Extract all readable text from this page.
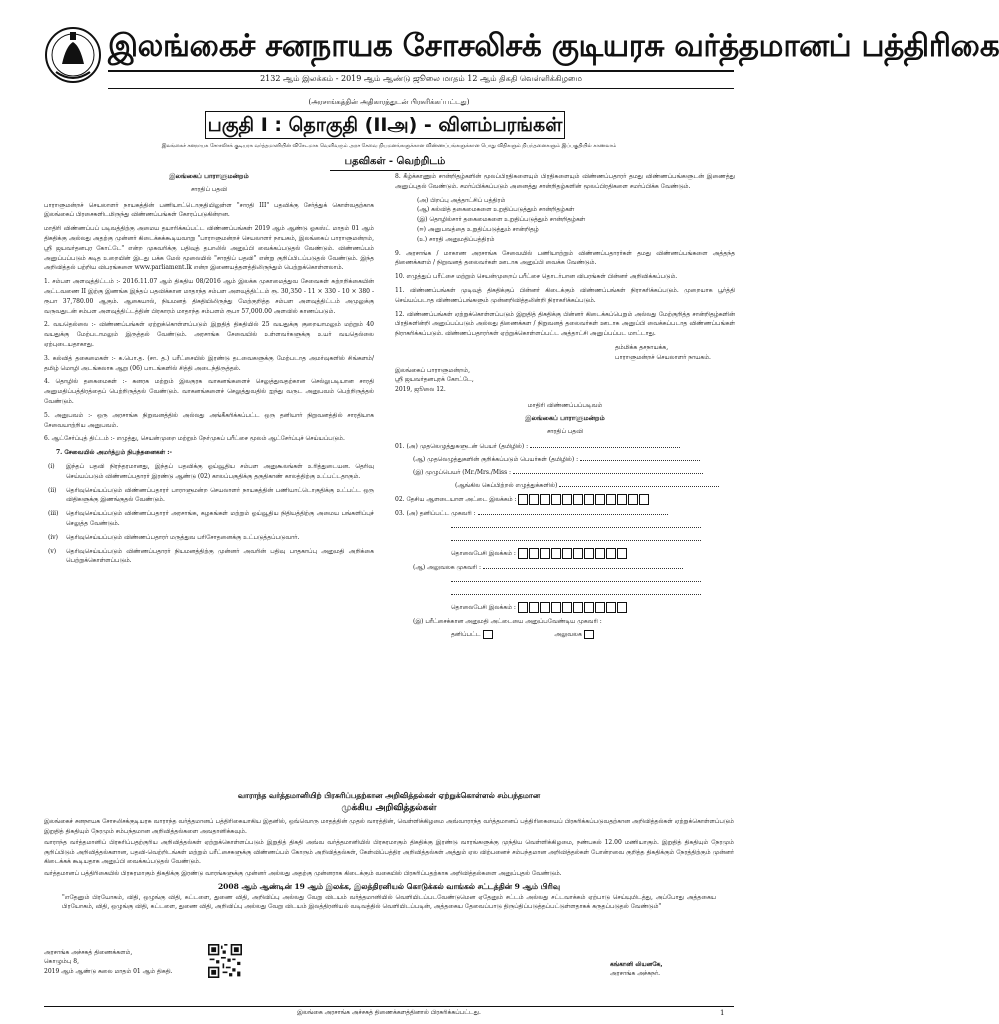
இலங்கைச் சனநாயக சோசலிசக் குடியரசு வர்த்தமானப் பத்திரிகை
2132 ஆம் இலக்கம் - 2019 ஆம் ஆண்டு ஜூலை மாதம் 12 ஆம் திகதி வெள்ளிக்கிழமை
(அரசாங்கத்தின் அதிகாரத்துடன் பிரசுரிக்கப்பட்டது)
பகுதி I : தொகுதி (IIஅ) - விளம்பரங்கள்
இலங்கைச் சனநாயக சோசலிசக் குடியரசு வர்த்தமானியின் விசேடமாக வெளிவரும் அரச சேவை நியமனங்களுக்கான விண்ணப்பங்களுக்கான பொது விதிகளும் நிபந்தனைகளும் இப்பகுதியில் காணலாம்
பதவிகள் - வெற்றிடம்
இலங்கைப் பாராளுமன்றம்
சாரதிப் பதவி

பாராளுமன்றச் செயலாளர் நாயகத்தின் பணியாட்டொகுதியிலுள்ள "சாரதி III" பதவிக்கு சேர்த்துக் கொள்வதற்காக இலங்கைப் பிரசைகளிடமிருந்து விண்ணப்பங்கள் கோரப்படுகின்றன.

மாதிரி விண்ணப்பப் படிவத்திற்கு அமைய தயாரிக்கப்பட்ட விண்ணப்பங்கள் 2019 ஆம் ஆண்டு ஓகஸ்ட் மாதம் 01 ஆம் திகதிக்கு அல்லது அதற்கு முன்னர் கிடைக்கக்கூடியவாறு "பாராளுமன்றச் செயலாளர் நாயகம், இலங்கைப் பாராளுமன்றம், ஸ்ரீ ஜயவர்தனபுர கோட்டே" என்ற முகவரிக்கு பதிவுத் தபாலில் அனுப்பி வைக்கப்படுதல் வேண்டும். விண்ணப்பம் அனுப்பப்படும் கடித உறையின் இடது பக்க மேல் மூலையில் "சாரதிப் பதவி" என்று குறிப்பிடப்படுதல் வேண்டும். இந்த அறிவித்தல் பற்றிய விபரங்களை www.parliament.lk என்ற இணையத்தளத்திலிருந்தும் பெற்றுக்கொள்ளலாம்.

1. சம்பள அளவுத்திட்டம் :- 2016.11.07 ஆம் திகதிய 08/2016 ஆம் இலக்க முகாமைத்துவ சேவைகள் சுற்றறிக்கையின் அட்டவணை II இற்கு இணங்க இந்தப் பதவிக்கான மாதாந்த சம்பள அளவுத்திட்டம் ரூ. 30,350 - 11 × 330 - 10 × 380 - ரூபா 37,780.00 ஆகும். ஆகையால், நியமனத் திகதியிலிருந்து மேற்குறித்த சம்பள அளவுத்திட்டம் அமுலுக்கு வருவதுடன் சம்பள அளவுத்திட்டத்தின் பிரகாரம் மாதாந்த சம்பளம் ரூபா 57,000.00 அளவில் காணப்படும்.

2. வயதெல்லை :- விண்ணப்பங்கள் ஏற்றுக்கொள்ளப்படும் இறுதித் திகதியில் 25 வயதுக்கு குறையாமலும் மற்றும் 40 வயதுக்கு மேற்படாமலும் இருத்தல் வேண்டும். அரசாங்க சேவையில் உள்ளவர்களுக்கு உயர் வயதெல்லை ஏற்புடையதாகாது.

3. கல்வித் தகைமைகள் :- க.பொ.த. (சா. த.) பரீட்சையில் இரண்டு தடவைகளுக்கு மேற்படாத அமர்வுகளில் சிங்களம்/தமிழ் மொழி அடங்கலாக ஆறு (06) பாடங்களில் சித்தி அடைந்திருத்தல்.

4. தொழில் தகைமைகள் :- கனரக மற்றும் இலகுரக வாகனங்களைச் செலுத்துவதற்கான செல்லுபடியான சாரதி அனுமதிப்பத்திரத்தைப் பெற்றிருத்தல் வேண்டும். வாகனங்களைச் செலுத்துவதில் ஐந்து வருட அனுபவம் பெற்றிருத்தல் வேண்டும்.

5. அனுபவம் :- ஒரு அரசாங்க நிறுவனத்தில் அல்லது அங்கீகரிக்கப்பட்ட ஒரு தனியார் நிறுவனத்தில் சாரதியாக சேவையாற்றிய அனுபவம்.

6. ஆட்சேர்ப்புத் திட்டம் :- எழுத்து, செயன்முறை மற்றும் நேர்முகப் பரீட்சை மூலம் ஆட்சேர்ப்புச் செய்யப்படும்.

7. சேவையில் அமர்த்தும் நிபந்தனைகள் :-

(i) இந்தப் பதவி நிரந்தரமானது, இந்தப் பதவிக்கு ஓய்வூதிய சம்பள அனுகூலங்கள் உரித்துடையன. தெரிவு செய்யப்படும் விண்ணப்பதாரர் இரண்டு ஆண்டு (02) காலப்பகுதிக்கு தகுதிகாண் காலத்திற்கு உட்பட்டதாகும்.

(ii) தெரிவுசெய்யப்படும் விண்ணப்பதாரர் பாராளுமன்ற செயலாளர் நாயகத்தின் பணியாட்டொகுதிக்கு உட்பட்ட ஒரு விதிகளுக்கு இணங்குதல் வேண்டும்.

(iii) தெரிவுசெய்யப்படும் விண்ணப்பதாரர் அரசாங்க, கழகங்கள் மற்றும் ஓய்வூதிய நிதியத்திற்கு அமைய பங்களிப்புச் செலுத்த வேண்டும்.

(iv) தெரிவுசெய்யப்படும் விண்ணப்பதாரர் மருத்துவ பரிசோதனைக்கு உட்படுத்தப்படுவார்.

(v) தெரிவுசெய்யப்படும் விண்ணப்பதாரர் நியமனத்திற்கு முன்னர் அவரின் பதிவு பாதகாப்பு அனுமதி அறிக்கை பெற்றுக்கொள்ளப்படும்.

8. கீழ்க்காணும் சான்றிதழ்களின் மூலப்பிரதிகளையும் பிரதிகளையும் விண்ணப்பதாரர் தமது விண்ணப்பங்களுடன் இணைத்து அனுப்புதல் வேண்டும். சமர்ப்பிக்கப்படும் அனைத்து சான்றிதழ்களின் மூலப்பிரதிகளை சமர்ப்பிக்க வேண்டும்.

(அ) பிறப்பு அத்தாட்சிப் பத்திரம்
(ஆ) கல்வித் தகைமைகளை உறுதிப்படுத்தும் சான்றிதழ்கள்
(இ) தொழில்சார் தகைமைகளை உறுதிப்படுத்தும் சான்றிதழ்கள்
(ஈ) அனுபவத்தை உறுதிப்படுத்தும் சான்றிதழ்
(உ) சாரதி அனுமதிப்பத்திரம்

9. அரசாங்க / மாகாண அரசாங்க சேவையில் பணியாற்றும் விண்ணப்பதாரர்கள் தமது விண்ணப்பங்களை அத்தந்த திணைக்களம் / நிறுவனத் தலைவர்கள் ஊடாக அனுப்பி வைக்க வேண்டும்.

10. எழுத்துப் பரீட்சை மற்றும் செயன்முறைப் பரீட்சை தொடர்பான விபரங்கள் பின்னர் அறிவிக்கப்படும்.

11. விண்ணப்பங்கள் முடிவுத் திகதிக்குப் பின்னர் கிடைக்கும் விண்ணப்பங்கள் நிராகரிக்கப்படும். முறையாக பூர்த்தி செய்யப்படாத விண்ணப்பங்களும் முன்னறிவித்தலின்றி நிராகரிக்கப்படும்.

12. விண்ணப்பங்கள் ஏற்றுக்கொள்ளப்படும் இறுதித் திகதிக்கு பின்னர் கிடைக்கப்பெறும் அல்லது மேற்குறித்த சான்றிதழ்களின் பிரதிகளின்றி அனுப்பப்படும் அல்லது திணைக்கள / நிறுவனத் தலைவர்கள் ஊடாக அனுப்பி வைக்கப்படாத விண்ணப்பங்கள் நிராகரிக்கப்படும். விண்ணப்பதாரர்கள் ஏற்றுக்கொள்ளப்பட்ட அத்தாட்சி அனுப்பப்பட மாட்டாது.

தம்மிக்க தசநாயக்க,
பாராளுமன்றச் செயலாளர் நாயகம்.
இலங்கைப் பாராளுமன்றம்,
ஸ்ரீ ஜயவர்தனபுரக் கோட்டே,
2019, ஜூலை 12.
மாதிரி விண்ணப்பப்படிவம்
இலங்கைப் பாராளுமன்றம்
சாரதிப் பதவி
01. (அ) முதலெழுத்துகளுடன் பெயர் (தமிழில்) :
(ஆ) முதலெழுத்துகளின் குறிக்கப்படும் பெயர்கள் (தமிழில்) :
(இ) முழுப்பெயர் (Mr./Mrs./Miss :
(ஆங்கில கெப்பிற்றல் எழுத்துக்களில்)
02. தேசிய ஆளடையாள அட்டை இலக்கம் :
03. (அ) தனிப்பட்ட முகவரி :
தொலைபேசி இலக்கம் :
(ஆ) அலுவலக முகவரி :
தொலைபேசி இலக்கம் :
(இ) பரீட்சைக்கான அனுமதி அட்டையை அனுப்பவேண்டிய முகவரி :
தனிப்பட்ட	அலுவலக
வாராந்த வர்த்தமானியிற் பிரசுரிப்பதற்கான அறிவித்தல்கள் ஏற்றுக்கொள்ளல் சம்பந்தமான
முக்கிய அறிவித்தல்கள்

இலங்கைச் சனநாயக சோசலிசக்குடியரசு வாராந்த வர்த்தமானப் பத்திரிகையாகிய இதனில், ஒவ்வொரு மாதத்தின் முதல் வாரத்தின், வெள்ளிக்கிழமை அவ்வாராந்த வர்த்தமானப் பத்திரிகையைப் பிரசுரிக்கப்படுவதற்கான அறிவித்தல்கள் ஏற்றுக்கொள்ளப்படும் இறுதித் திகதியும் நேரமும் சம்பந்தமான அறிவித்தல்களை அவதானிக்கவும்.

வாராந்த வர்த்தமானிப் பிரசுரிப்பதற்குரிய அறிவித்தல்கள் ஏற்றுக்கொள்ளப்படும் இறுதித் திகதி அவ்வ வர்த்தமானியில் பிரசுரமாகும் திகதிக்கு இரண்டு வாரங்களுக்கு முந்திய வெள்ளிக்கிழமை, நண்பகல் 12.00 மணியாகும். இறுதித் திகதியும் நேரமும் குறிப்பிடும் அறிவித்தல்களான, பதவி-வெற்றிடங்கள் மற்றும் பரீட்சைகளுக்கு விண்ணப்பம் கோரும் அறிவித்தல்கள், கேள்விப்பத்திர அறிவித்தல்கள் அத்தும் ஏல விற்பனைச் சம்பந்தமான அறிவித்தல்கள் போன்றவை குறித்த திகதிக்கும் நேரத்திற்கும் முன்னர் கிடைக்கக் கூடியதாக அனுப்பி வைக்கப்படுதல் வேண்டும்.

வர்த்தமானப் பத்திரிகையில் பிரசுரமாகும் திகதிக்கு இரண்டு வாரங்களுக்கு முன்னர் அல்லது அதற்கு முன்னராக கிடைக்கும் வகையில் பிரசுரிப்பதற்காக அறிவித்தல்களை அனுப்புதல் வேண்டும்.

2008 ஆம் ஆண்டின் 19 ஆம் இலக்க, இலத்திரனியல் கொடுக்கல் வாங்கல் சட்டத்தின் 9 ஆம் பிரிவு

"எதேனும் பிரயோகம், விதி, ஒழுங்கு விதி, கட்டளை, துணை விதி, அறிவிப்பு அல்லது வேறு விடயம் வர்த்தமானியில் வெளியிடப்படவேண்டுமென ஏதேனும் சட்டம் அல்லது சட்டவாக்கம் ஏற்பாடு செய்யுமிடத்து, அப்போது அத்தகைய பிரயோகம், விதி, ஒழுங்கு விதி, கட்டளை, துணை விதி, அறிவிப்பு அல்லது வேறு விடயம் இலத்திரனியல் வடிவத்தில் வெளியிடப்படின், அத்தகைய தேவைப்பாடு திருப்திப்படுத்தப்பட்டுள்ளதாகக் கருதப்படுதல் வேண்டும்"

அரசாங்க அச்சகத் திணைக்களம்,
கொழும்பு 8,
2019 ஆம் ஆண்டு சுலை மாதம் 01 ஆம் திகதி.
கங்கானி லியனகே,
அரசாங்க அச்சுநர்.
இலங்கை அரசாங்க அச்சகத் திணைக்களத்தினால் பிரசுரிக்கப்பட்டது.	1
